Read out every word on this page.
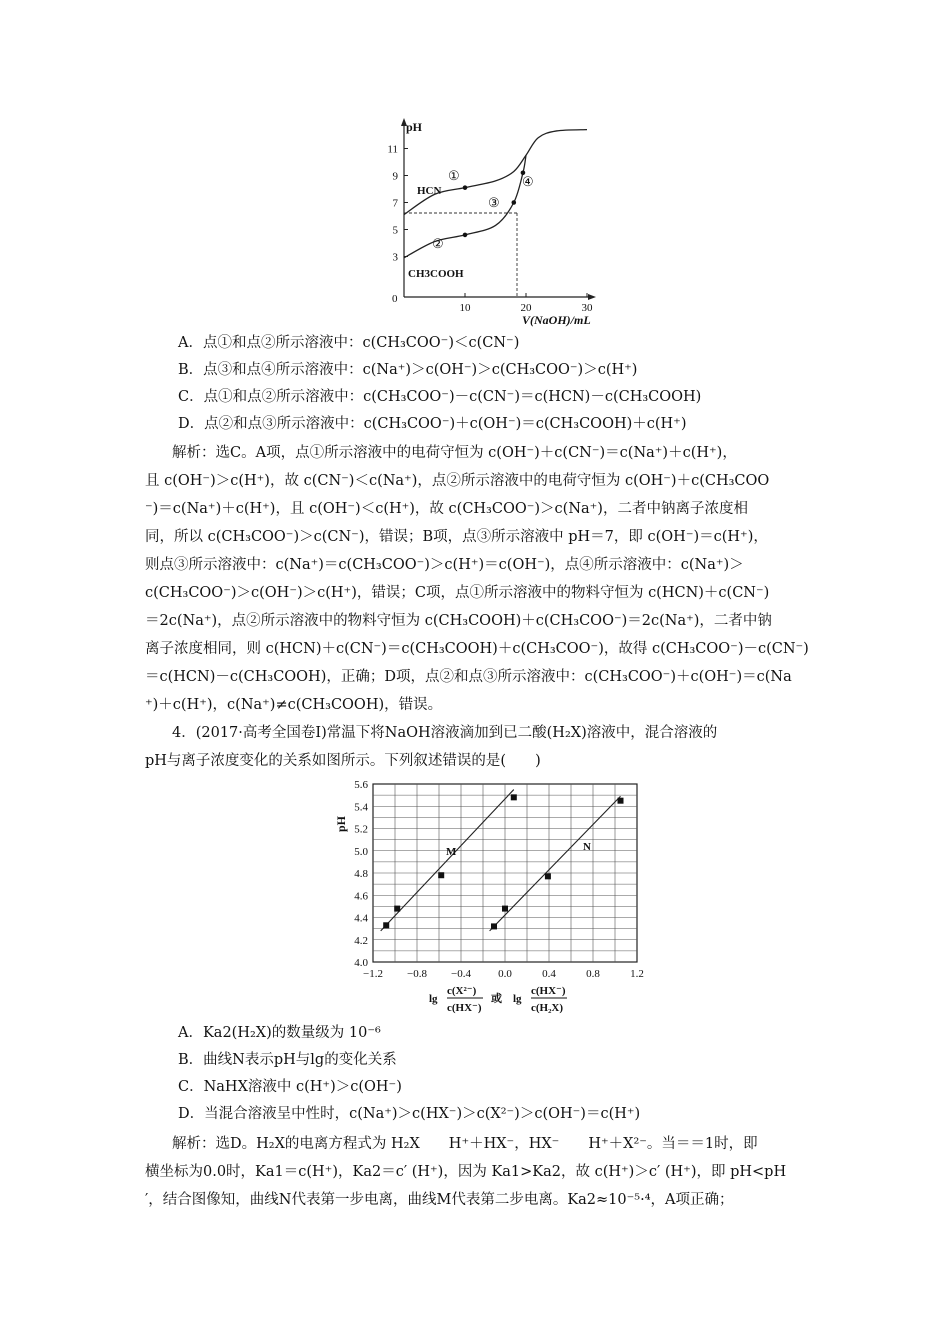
pH
V(NaOH)/mL
0
11
9
7
5
3
10	20	30
HCN
CH3COOH
①
②
③
④
A．点①和点②所示溶液中：c(CH₃COO⁻)＜c(CN⁻)
B．点③和点④所示溶液中：c(Na⁺)＞c(OH⁻)＞c(CH₃COO⁻)＞c(H⁺)
C．点①和点②所示溶液中：c(CH₃COO⁻)－c(CN⁻)＝c(HCN)－c(CH₃COOH)
D．点②和点③所示溶液中：c(CH₃COO⁻)＋c(OH⁻)＝c(CH₃COOH)＋c(H⁺)
解析：选C。A项，点①所示溶液中的电荷守恒为 c(OH⁻)＋c(CN⁻)＝c(Na⁺)＋c(H⁺)，
且 c(OH⁻)＞c(H⁺)，故 c(CN⁻)＜c(Na⁺)，点②所示溶液中的电荷守恒为 c(OH⁻)＋c(CH₃COO
⁻)＝c(Na⁺)＋c(H⁺)，且 c(OH⁻)＜c(H⁺)，故 c(CH₃COO⁻)＞c(Na⁺)，二者中钠离子浓度相
同，所以 c(CH₃COO⁻)＞c(CN⁻)，错误；B项，点③所示溶液中 pH＝7，即 c(OH⁻)＝c(H⁺)，
则点③所示溶液中：c(Na⁺)＝c(CH₃COO⁻)＞c(H⁺)＝c(OH⁻)，点④所示溶液中：c(Na⁺)＞
c(CH₃COO⁻)＞c(OH⁻)＞c(H⁺)，错误；C项，点①所示溶液中的物料守恒为 c(HCN)＋c(CN⁻)
＝2c(Na⁺)，点②所示溶液中的物料守恒为 c(CH₃COOH)＋c(CH₃COO⁻)＝2c(Na⁺)，二者中钠
离子浓度相同，则 c(HCN)＋c(CN⁻)＝c(CH₃COOH)＋c(CH₃COO⁻)，故得 c(CH₃COO⁻)－c(CN⁻)
＝c(HCN)－c(CH₃COOH)，正确；D项，点②和点③所示溶液中：c(CH₃COO⁻)＋c(OH⁻)＝c(Na
⁺)＋c(H⁺)，c(Na⁺)≠c(CH₃COOH)，错误。
4．(2017·高考全国卷Ⅰ)常温下将NaOH溶液滴加到已二酸(H₂X)溶液中，混合溶液的
pH与离子浓度变化的关系如图所示。下列叙述错误的是(　　)
5.6
5.4
5.2
5.0
4.8
4.6
4.4
4.2
4.0
−1.2 −0.8 −0.4 0.0	0.4	0.8	1.2
pH
M	N
lg
c(X²⁻)
c(HX⁻)
或 lg
c(HX⁻)
c(H₂X)
A．Ka2(H₂X)的数量级为 10⁻⁶
B．曲线N表示pH与lg的变化关系
C．NaHX溶液中 c(H⁺)＞c(OH⁻)
D．当混合溶液呈中性时，c(Na⁺)＞c(HX⁻)＞c(X²⁻)＞c(OH⁻)＝c(H⁺)
解析：选D。H₂X的电离方程式为 H₂X　　H⁺＋HX⁻，HX⁻　　H⁺＋X²⁻。当＝＝1时，即
横坐标为0.0时，Ka1＝c(H⁺)，Ka2＝c′ (H⁺)，因为 Ka1>Ka2，故 c(H⁺)＞c′ (H⁺)，即 pH<pH
′，结合图像知，曲线N代表第一步电离，曲线M代表第二步电离。Ka2≈10⁻⁵·⁴，A项正确；
